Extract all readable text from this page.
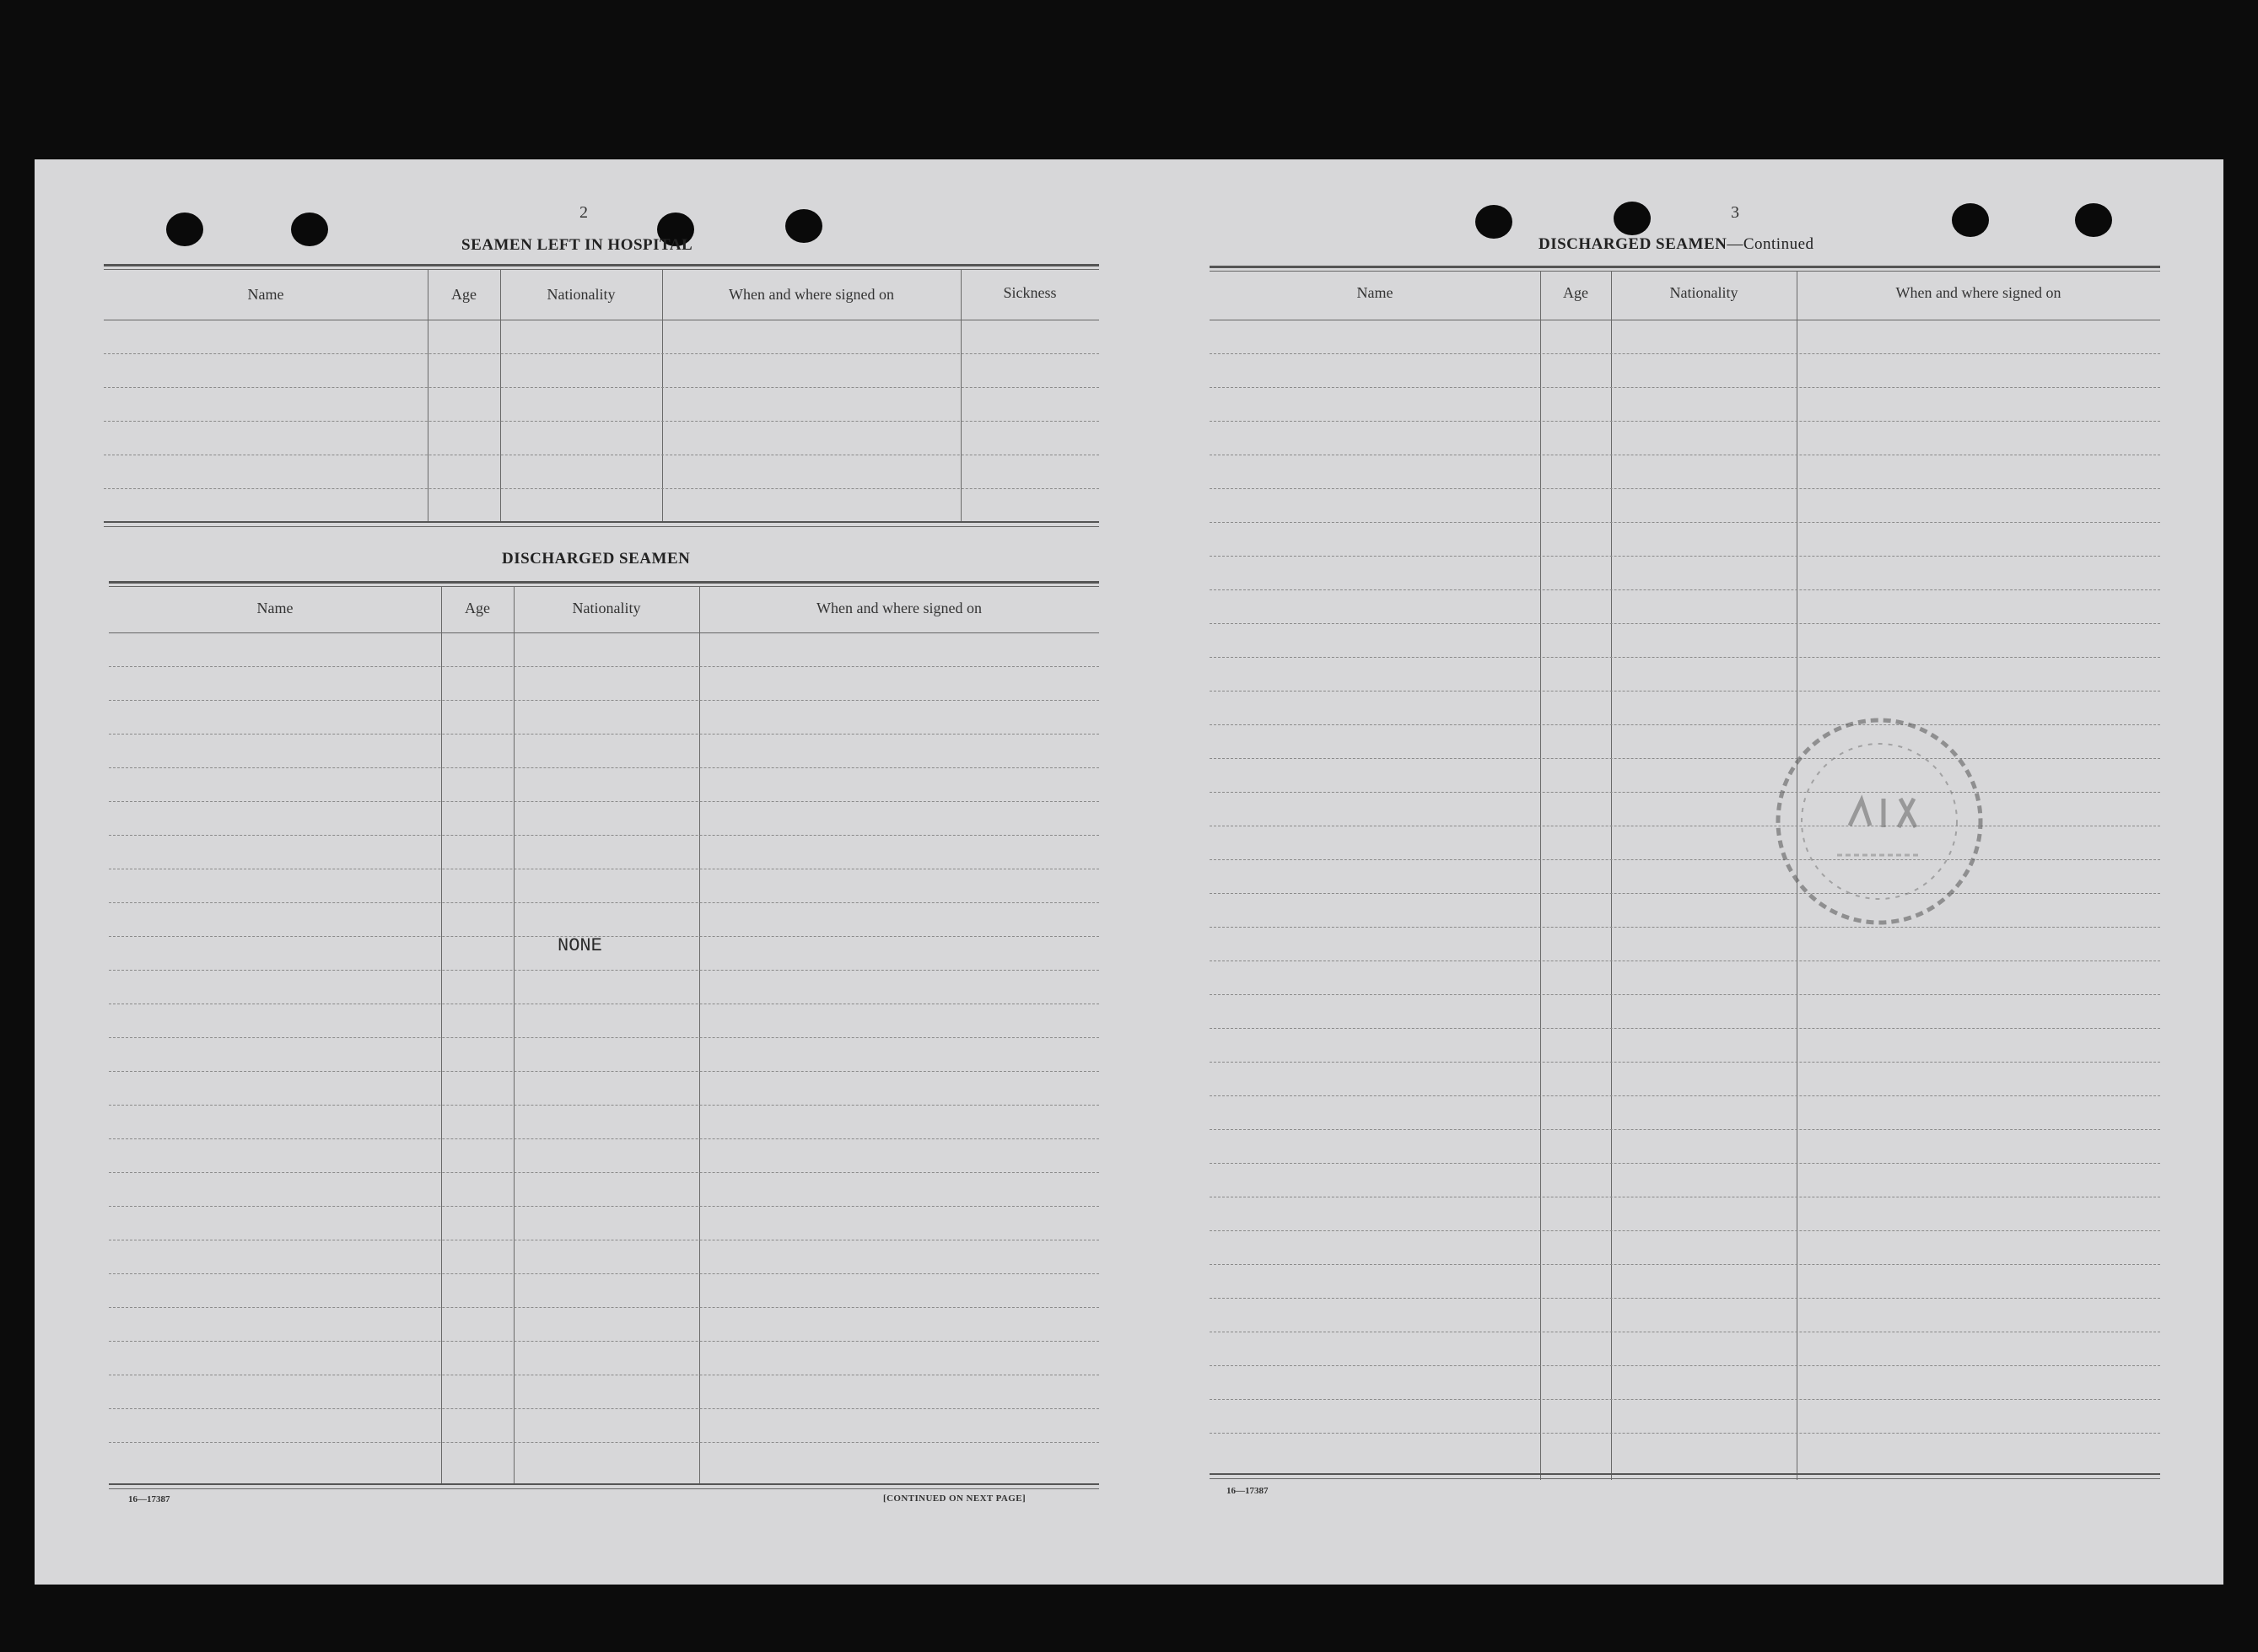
2
SEAMEN LEFT IN HOSPITAL
Name	Age	Nationality	When and where signed on	Sickness
DISCHARGED SEAMEN
Name	Age	Nationality	When and where signed on
NONE
16—17387	[CONTINUED ON NEXT PAGE]
3
DISCHARGED SEAMEN—Continued
Name	Age	Nationality	When and where signed on
16—17387
